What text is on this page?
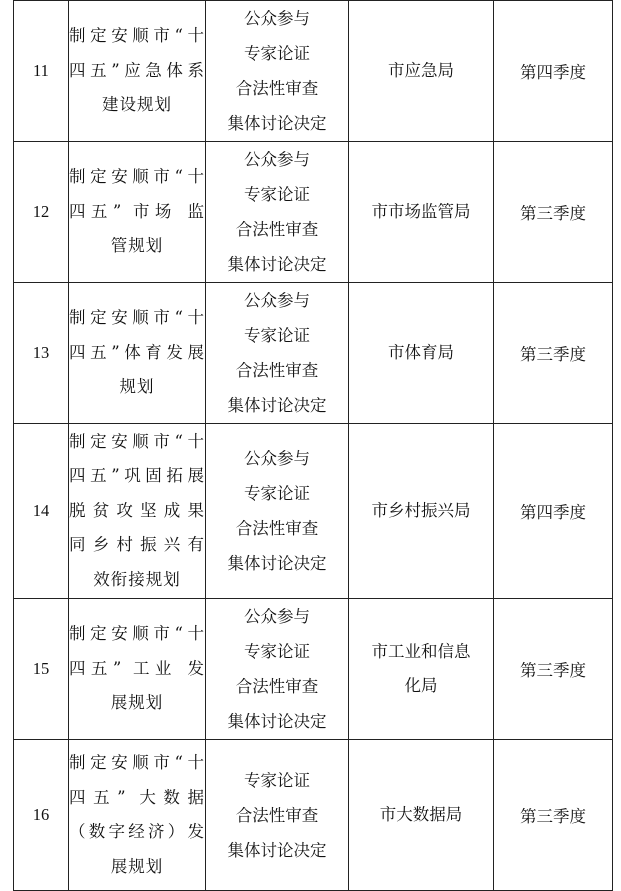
11	制定安顺市“十
四五”应急体系
建设规划	公众参与
专家论证
合法性审查
集体讨论决定	市应急局	第四季度
12	制定安顺市“十
四五” 市场 监
管规划	公众参与
专家论证
合法性审查
集体讨论决定	市市场监管局	第三季度
13	制定安顺市“十
四五”体育发展
规划	公众参与
专家论证
合法性审查
集体讨论决定	市体育局	第三季度
14	制定安顺市“十
四五”巩固拓展
脱贫攻坚成果
同乡村振兴有
效衔接规划	公众参与
专家论证
合法性审查
集体讨论决定	市乡村振兴局	第四季度
15	制定安顺市“十
四五” 工业 发
展规划	公众参与
专家论证
合法性审查
集体讨论决定	市工业和信息
化局	第三季度
16	制定安顺市“十
四五” 大数据
（数字经济）发
展规划	专家论证
合法性审查
集体讨论决定	市大数据局	第三季度
